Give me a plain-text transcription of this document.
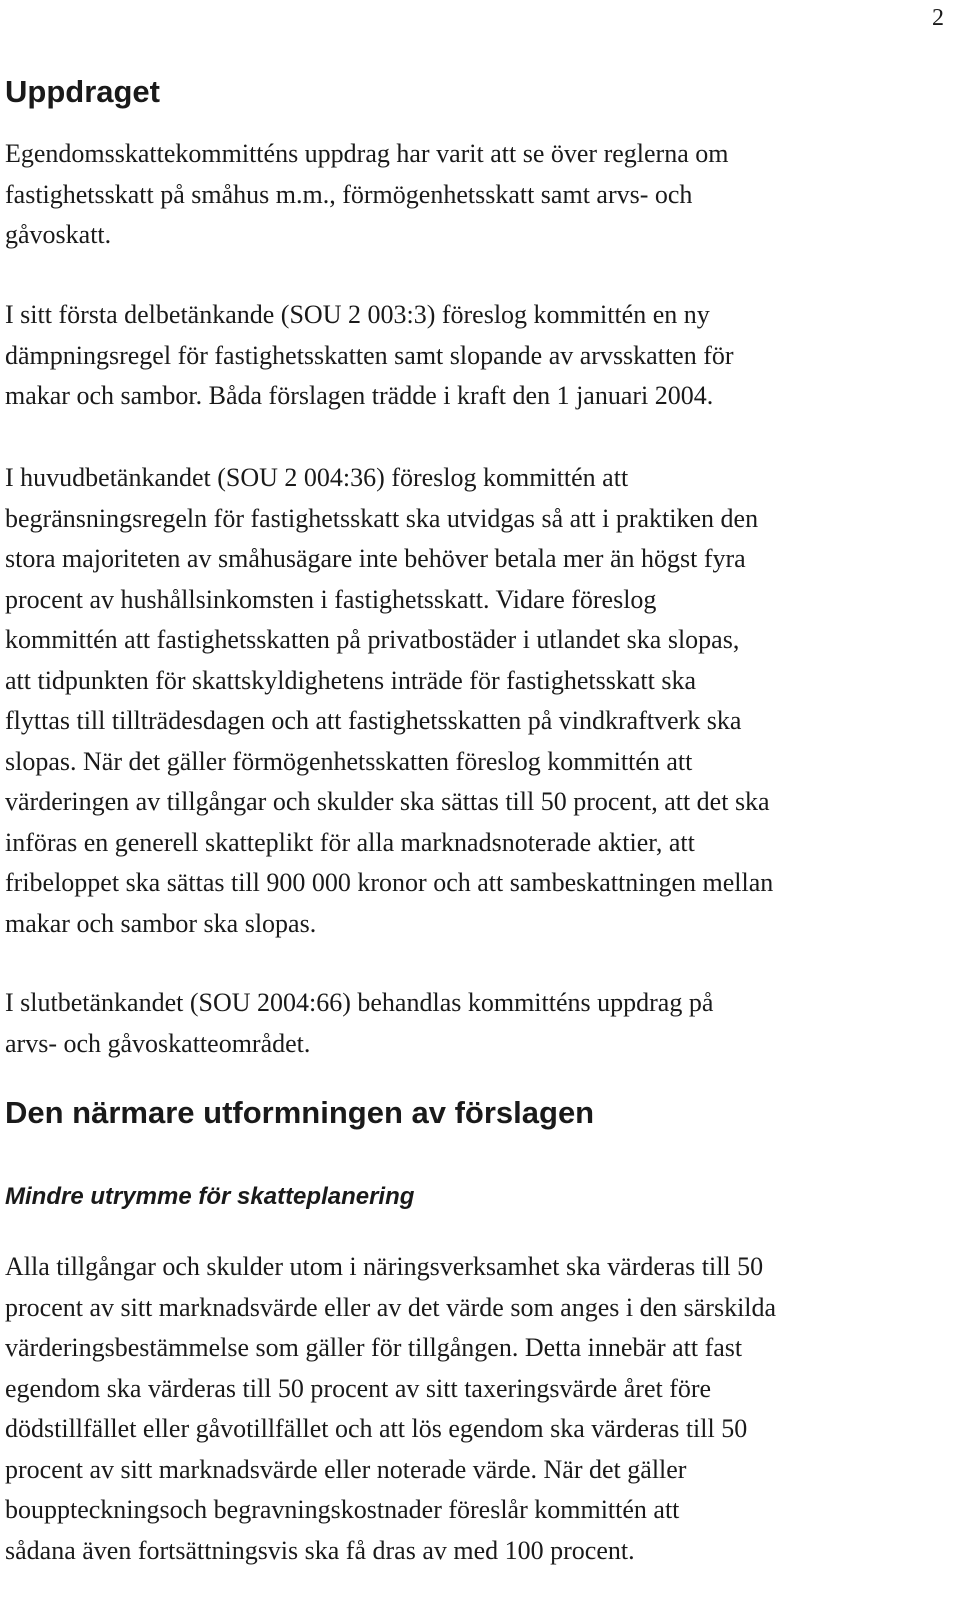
2
Uppdraget

Egendomsskattekommitténs uppdrag har varit att se över reglerna om
fastighetsskatt på småhus m.m., förmögenhetsskatt samt arvs- och
gåvoskatt.

I sitt första delbetänkande (SOU 2 003:3) föreslog kommittén en ny
dämpningsregel för fastighetsskatten samt slopande av arvsskatten för
makar och sambor. Båda förslagen trädde i kraft den 1 januari 2004.

I huvudbetänkandet (SOU 2 004:36) föreslog kommittén att
begränsningsregeln för fastighetsskatt ska utvidgas så att i praktiken den
stora majoriteten av småhusägare inte behöver betala mer än högst fyra
procent av hushållsinkomsten i fastighetsskatt. Vidare föreslog
kommittén att fastighetsskatten på privatbostäder i utlandet ska slopas,
att tidpunkten för skattskyldighetens inträde för fastighetsskatt ska
flyttas till tillträdesdagen och att fastighetsskatten på vindkraftverk ska
slopas. När det gäller förmögenhetsskatten föreslog kommittén att
värderingen av tillgångar och skulder ska sättas till 50 procent, att det ska
införas en generell skatteplikt för alla marknadsnoterade aktier, att
fribeloppet ska sättas till 900 000 kronor och att sambeskattningen mellan
makar och sambor ska slopas.

I slutbetänkandet (SOU 2004:66) behandlas kommitténs uppdrag på
arvs- och gåvoskatteområdet.

Den närmare utformningen av förslagen
Mindre utrymme för skatteplanering

Alla tillgångar och skulder utom i näringsverksamhet ska värderas till 50
procent av sitt marknadsvärde eller av det värde som anges i den särskilda
värderingsbestämmelse som gäller för tillgången. Detta innebär att fast
egendom ska värderas till 50 procent av sitt taxeringsvärde året före
dödstillfället eller gåvotillfället och att lös egendom ska värderas till 50
procent av sitt marknadsvärde eller noterade värde. När det gäller
bouppteckningsoch begravningskostnader föreslår kommittén att
sådana även fortsättningsvis ska få dras av med 100 procent.
